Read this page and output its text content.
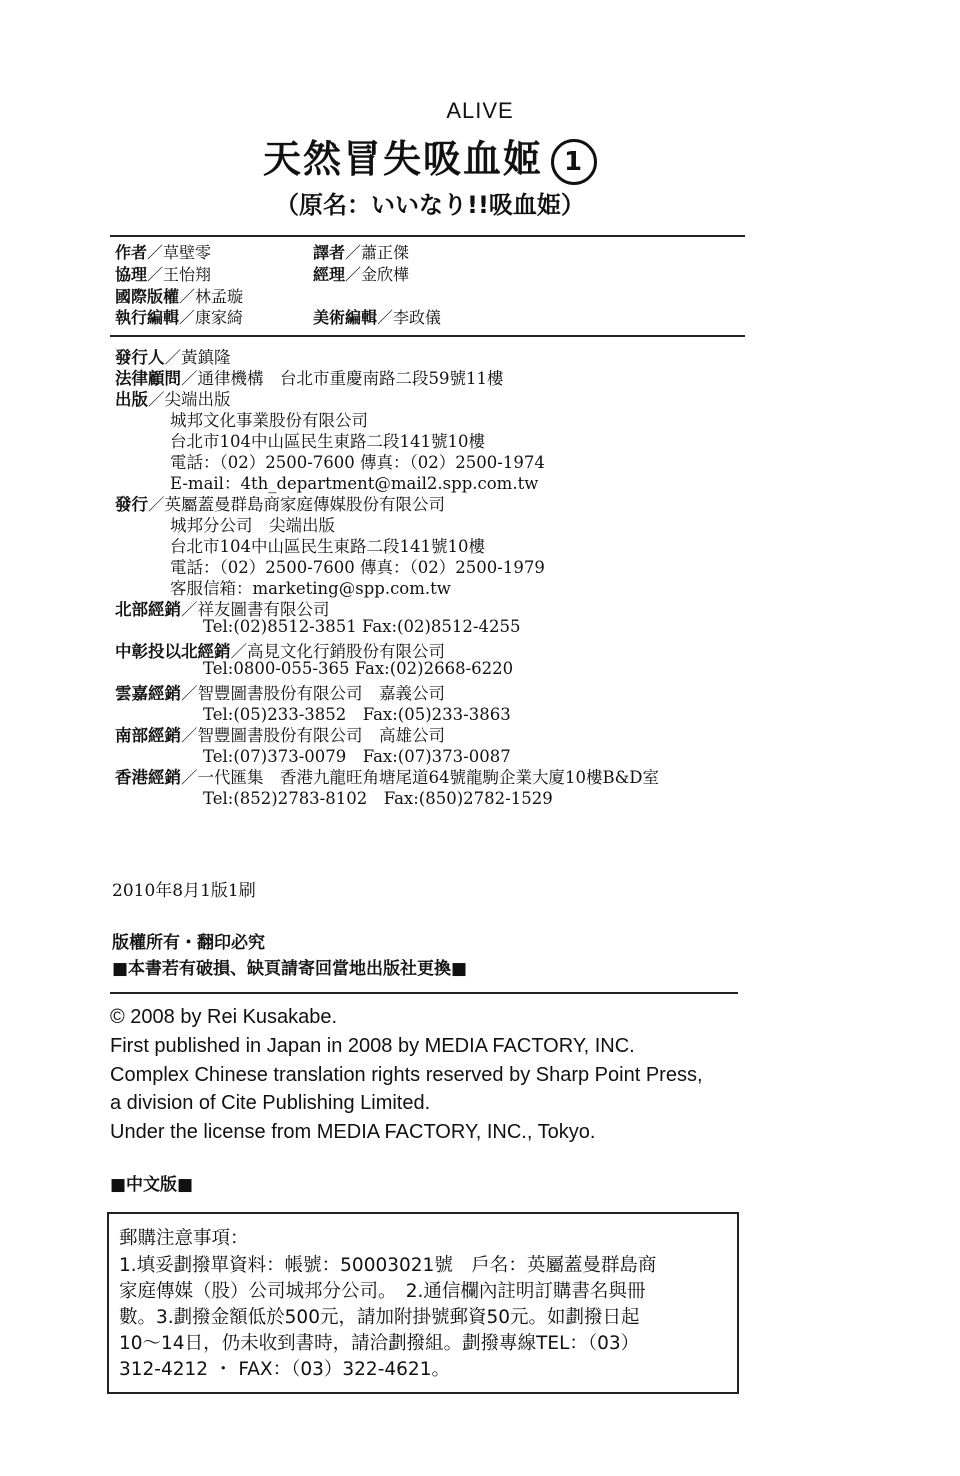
ALIVE
天然冒失吸血姬 1
（原名：いいなり!!吸血姫）
作者／草壁零	譯者／蕭正傑
協理／王怡翔	經理／金欣樺
國際版權／林孟璇
執行編輯／康家綺	美術編輯／李政儀
發行人／黃鎮隆
法律顧問／通律機構　台北市重慶南路二段59號11樓
出版／尖端出版
城邦文化事業股份有限公司
台北市104中山區民生東路二段141號10樓
電話：（02）2500-7600 傳真：（02）2500-1974
E-mail：4th_department@mail2.spp.com.tw
發行／英屬蓋曼群島商家庭傳媒股份有限公司
城邦分公司　尖端出版
台北市104中山區民生東路二段141號10樓
電話：（02）2500-7600 傳真：（02）2500-1979
客服信箱：marketing@spp.com.tw
北部經銷／祥友圖書有限公司
Tel:(02)8512-3851 Fax:(02)8512-4255
中彰投以北經銷／高見文化行銷股份有限公司
Tel:0800-055-365 Fax:(02)2668-6220
雲嘉經銷／智豐圖書股份有限公司　嘉義公司
Tel:(05)233-3852　Fax:(05)233-3863
南部經銷／智豐圖書股份有限公司　高雄公司
Tel:(07)373-0079　Fax:(07)373-0087
香港經銷／一代匯集　香港九龍旺角塘尾道64號龍駒企業大廈10樓B&D室
Tel:(852)2783-8102　Fax:(850)2782-1529
2010年8月1版1刷
版權所有・翻印必究
■本書若有破損、缺頁請寄回當地出版社更換■
© 2008 by Rei Kusakabe.
First published in Japan in 2008 by MEDIA FACTORY, INC.
Complex Chinese translation rights reserved by Sharp Point Press,
a division of Cite Publishing Limited.
Under the license from MEDIA FACTORY, INC., Tokyo.
■中文版■
郵購注意事項：
1.填妥劃撥單資料：帳號：50003021號　戶名：英屬蓋曼群島商
家庭傳媒（股）公司城邦分公司。　2.通信欄內註明訂購書名與冊
數。3.劃撥金額低於500元，請加附掛號郵資50元。如劃撥日起
10～14日，仍未收到書時，請洽劃撥組。劃撥專線TEL：（03）
312-4212 ・ FAX：（03）322-4621。
